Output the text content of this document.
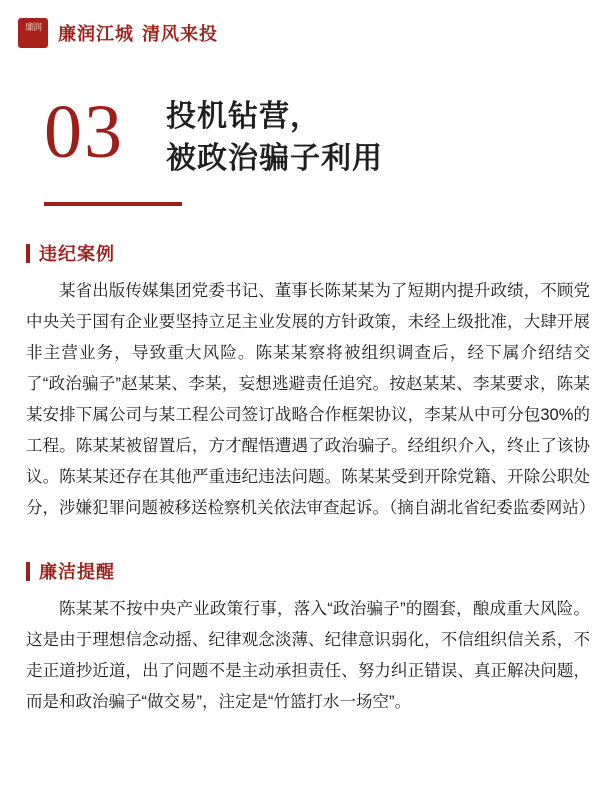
廉润 廉润江城 清风来投
03 投机钻营，
被政治骗子利用
违纪案例
某省出版传媒集团党委书记、董事长陈某某为了短期内提升政绩，不顾党中央关于国有企业要坚持立足主业发展的方针政策，未经上级批准，大肆开展非主营业务，导致重大风险。陈某某察将被组织调查后，经下属介绍结交了“政治骗子”赵某某、李某，妄想逃避责任追究。按赵某某、李某要求，陈某某安排下属公司与某工程公司签订战略合作框架协议，李某从中可分包30%的工程。陈某某被留置后，方才醒悟遭遇了政治骗子。经组织介入，终止了该协议。陈某某还存在其他严重违纪违法问题。陈某某受到开除党籍、开除公职处分，涉嫌犯罪问题被移送检察机关依法审查起诉。（摘自湖北省纪委监委网站）
廉洁提醒
陈某某不按中央产业政策行事，落入“政治骗子”的圈套，酿成重大风险。这是由于理想信念动摇、纪律观念淡薄、纪律意识弱化，不信组织信关系，不走正道抄近道，出了问题不是主动承担责任、努力纠正错误、真正解决问题，而是和政治骗子“做交易”，注定是“竹篮打水一场空”。
